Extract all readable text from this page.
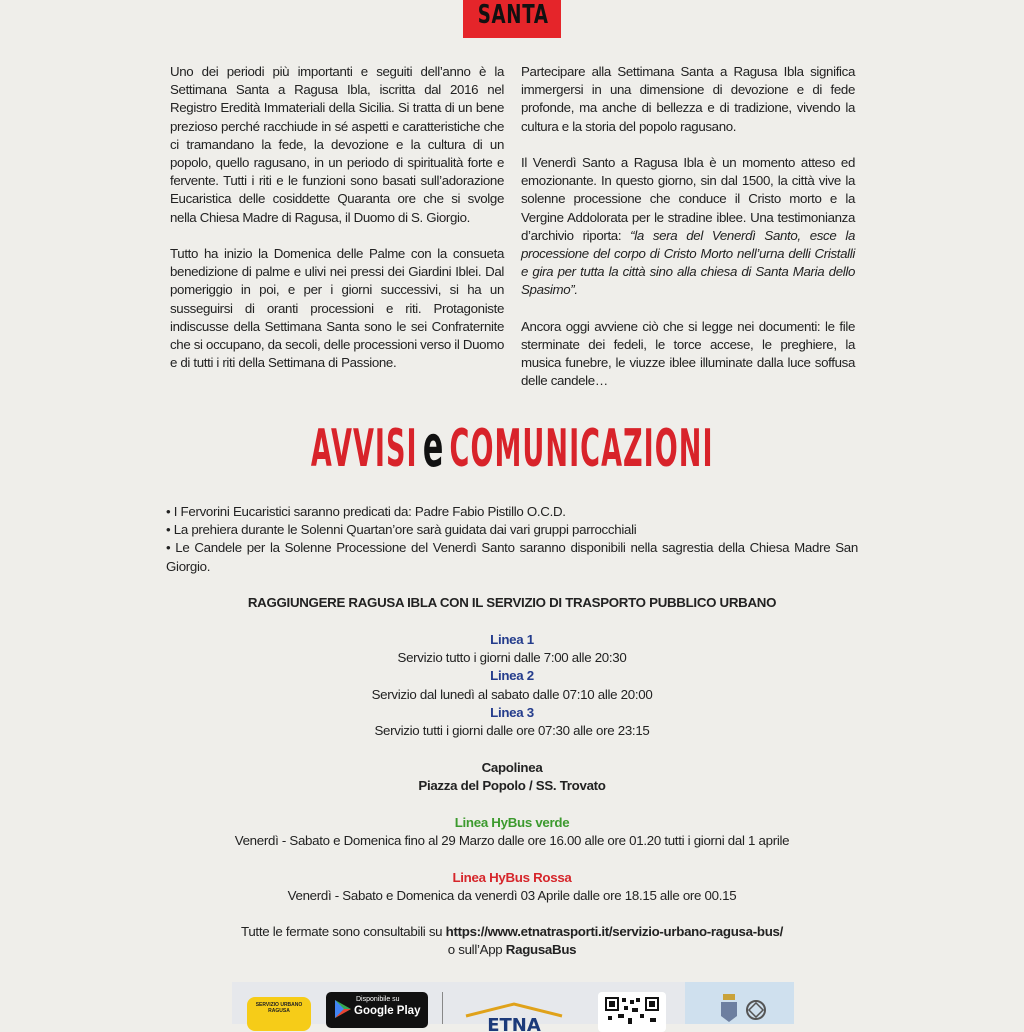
SANTA

Uno dei periodi più importanti e seguiti dell’anno è la Settimana Santa a Ragusa Ibla, iscritta dal 2016 nel Registro Eredità Immateriali della Sicilia. Si tratta di un bene prezioso perché racchiude in sé aspetti e caratteristiche che ci tramandano la fede, la devozione e la cultura di un popolo, quello ragusano, in un periodo di spiritualità forte e fervente. Tutti i riti e le funzioni sono basati sull’adorazione Eucaristica delle cosiddette Quaranta ore che si svolge nella Chiesa Madre di Ragusa, il Duomo di S. Giorgio.

Tutto ha inizio la Domenica delle Palme con la consueta benedizione di palme e ulivi nei pressi dei Giardini Iblei. Dal pomeriggio in poi, e per i giorni successivi, si ha un susseguirsi di oranti processioni e riti. Protagoniste indiscusse della Settimana Santa sono le sei Confraternite che si occupano, da secoli, delle processioni verso il Duomo e di tutti i riti della Settimana di Passione.

Partecipare alla Settimana Santa a Ragusa Ibla significa immergersi in una dimensione di devozione e di fede profonde, ma anche di bellezza e di tradizione, vivendo la cultura e la storia del popolo ragusano.

Il Venerdì Santo a Ragusa Ibla è un momento atteso ed emozionante. In questo giorno, sin dal 1500, la città vive la solenne processione che conduce il Cristo morto e la Vergine Addolorata per le stradine iblee. Una testimonianza d’archivio riporta: “la sera del Venerdì Santo, esce la processione del corpo di Cristo Morto nell’urna delli Cristalli e gira per tutta la città sino alla chiesa di Santa Maria dello Spasimo”.

Ancora oggi avviene ciò che si legge nei documenti: le file sterminate dei fedeli, le torce accese, le preghiere, la musica funebre, le viuzze iblee illuminate dalla luce soffusa delle candele…

AVVISIeCOMUNICAZIONI
• I Fervorini Eucaristici saranno predicati da: Padre Fabio Pistillo O.C.D.
• La prehiera durante le Solenni Quartan’ore sarà guidata dai vari gruppi parrocchiali
• Le Candele per la Solenne Processione del Venerdì Santo saranno disponibili nella sagrestia della Chiesa Madre San Giorgio.
RAGGIUNGERE RAGUSA IBLA CON IL SERVIZIO DI TRASPORTO PUBBLICO URBANO
Linea 1
Servizio tutto i giorni dalle 7:00 alle 20:30
Linea 2
Servizio dal lunedì al sabato dalle 07:10 alle 20:00
Linea 3
Servizio tutti i giorni dalle ore 07:30 alle ore 23:15
Capolinea
Piazza del Popolo / SS. Trovato
Linea HyBus verde
Venerdì - Sabato e Domenica fino al 29 Marzo dalle ore 16.00 alle ore 01.20 tutti i giorni dal 1 aprile
Linea HyBus Rossa
Venerdì - Sabato e Domenica da venerdì 03 Aprile dalle ore 18.15 alle ore 00.15
Tutte le fermate sono consultabili su https://www.etnatrasporti.it/servizio-urbano-ragusa-bus/
o sull’App RagusaBus
SERVIZIO URBANO RAGUSA
Disponibile su
Google Play
ETNA
